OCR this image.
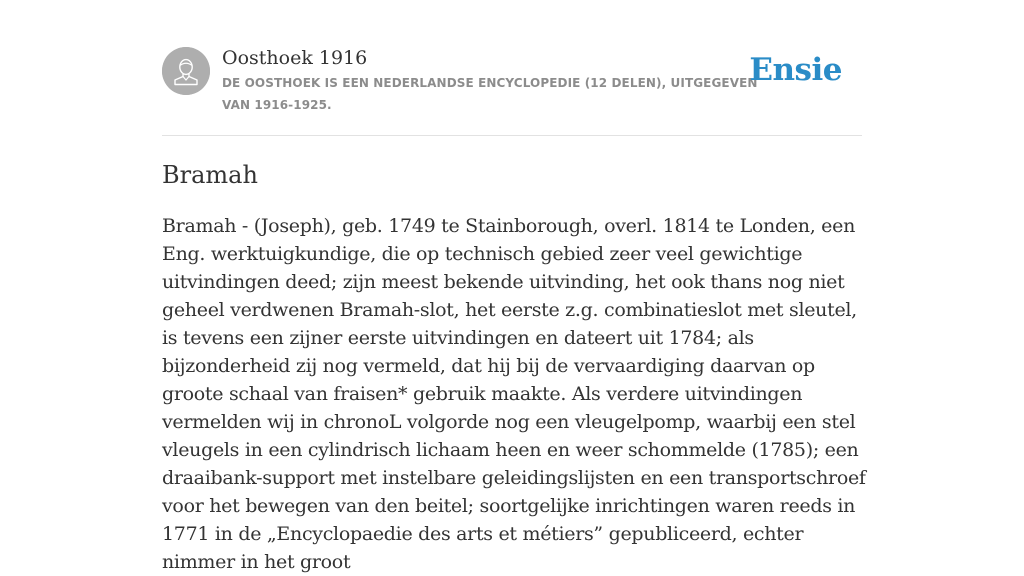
Oosthoek 1916
DE OOSTHOEK IS EEN NEDERLANDSE ENCYCLOPEDIE (12 DELEN), UITGEGEVEN VAN 1916-1925.
Ensie
Bramah

Bramah - (Joseph), geb. 1749 te Stainborough, overl. 1814 te Londen, een Eng. werktuigkundige, die op technisch gebied zeer veel gewichtige uitvindingen deed; zijn meest bekende uitvinding, het ook thans nog niet geheel verdwenen Bramah-slot, het eerste z.g. combinatieslot met sleutel, is tevens een zijner eerste uitvindingen en dateert uit 1784; als bijzonderheid zij nog vermeld, dat hij bij de vervaardiging daarvan op groote schaal van fraisen* gebruik maakte. Als verdere uitvindingen vermelden wij in chronoL volgorde nog een vleugelpomp, waarbij een stel vleugels in een cylindrisch lichaam heen en weer schommelde (1785); een draaibank-support met instelbare geleidingslijsten en een transportschroef voor het bewegen van den beitel; soortgelijke inrichtingen waren reeds in 1771 in de „Encyclopaedie des arts et métiers” gepubliceerd, echter nimmer in het groot
